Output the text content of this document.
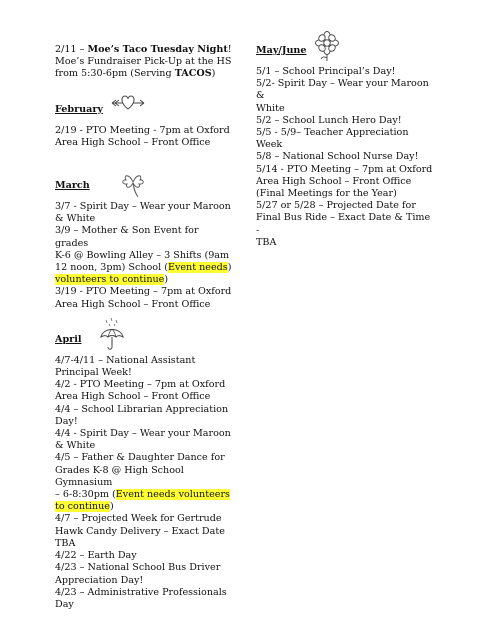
2/11 – Moe’s Taco Tuesday Night!
Moe’s Fundraiser Pick-Up at the HS
from 5:30-6pm (Serving TACOS)
February
2/19 - PTO Meeting - 7pm at Oxford
Area High School – Front Office
March
3/7 - Spirit Day – Wear your Maroon
& White
3/9 – Mother & Son Event for grades
K-6 @ Bowling Alley – 3 Shifts (9am
12 noon, 3pm) School (Event needs)
volunteers to continue)
3/19 - PTO Meeting – 7pm at Oxford
Area High School – Front Office
April
4/7-4/11 – National Assistant
Principal Week!
4/2 - PTO Meeting – 7pm at Oxford
Area High School – Front Office
4/4 – School Librarian Appreciation
Day!
4/4 - Spirit Day – Wear your Maroon
& White
4/5 – Father & Daughter Dance for
Grades K-8 @ High School Gymnasium
– 6-8:30pm (Event needs volunteers
to continue)
4/7 – Projected Week for Gertrude
Hawk Candy Delivery – Exact Date
TBA
4/22 – Earth Day
4/23 – National School Bus Driver
Appreciation Day!
4/23 – Administrative Professionals
Day
May/June
5/1 – School Principal’s Day!
5/2- Spirit Day – Wear your Maroon &
White
5/2 – School Lunch Hero Day!
5/5 - 5/9– Teacher Appreciation
Week
5/8 – National School Nurse Day!
5/14 - PTO Meeting – 7pm at Oxford
Area High School – Front Office
(Final Meetings for the Year)
5/27 or 5/28 – Projected Date for
Final Bus Ride – Exact Date & Time -
TBA
